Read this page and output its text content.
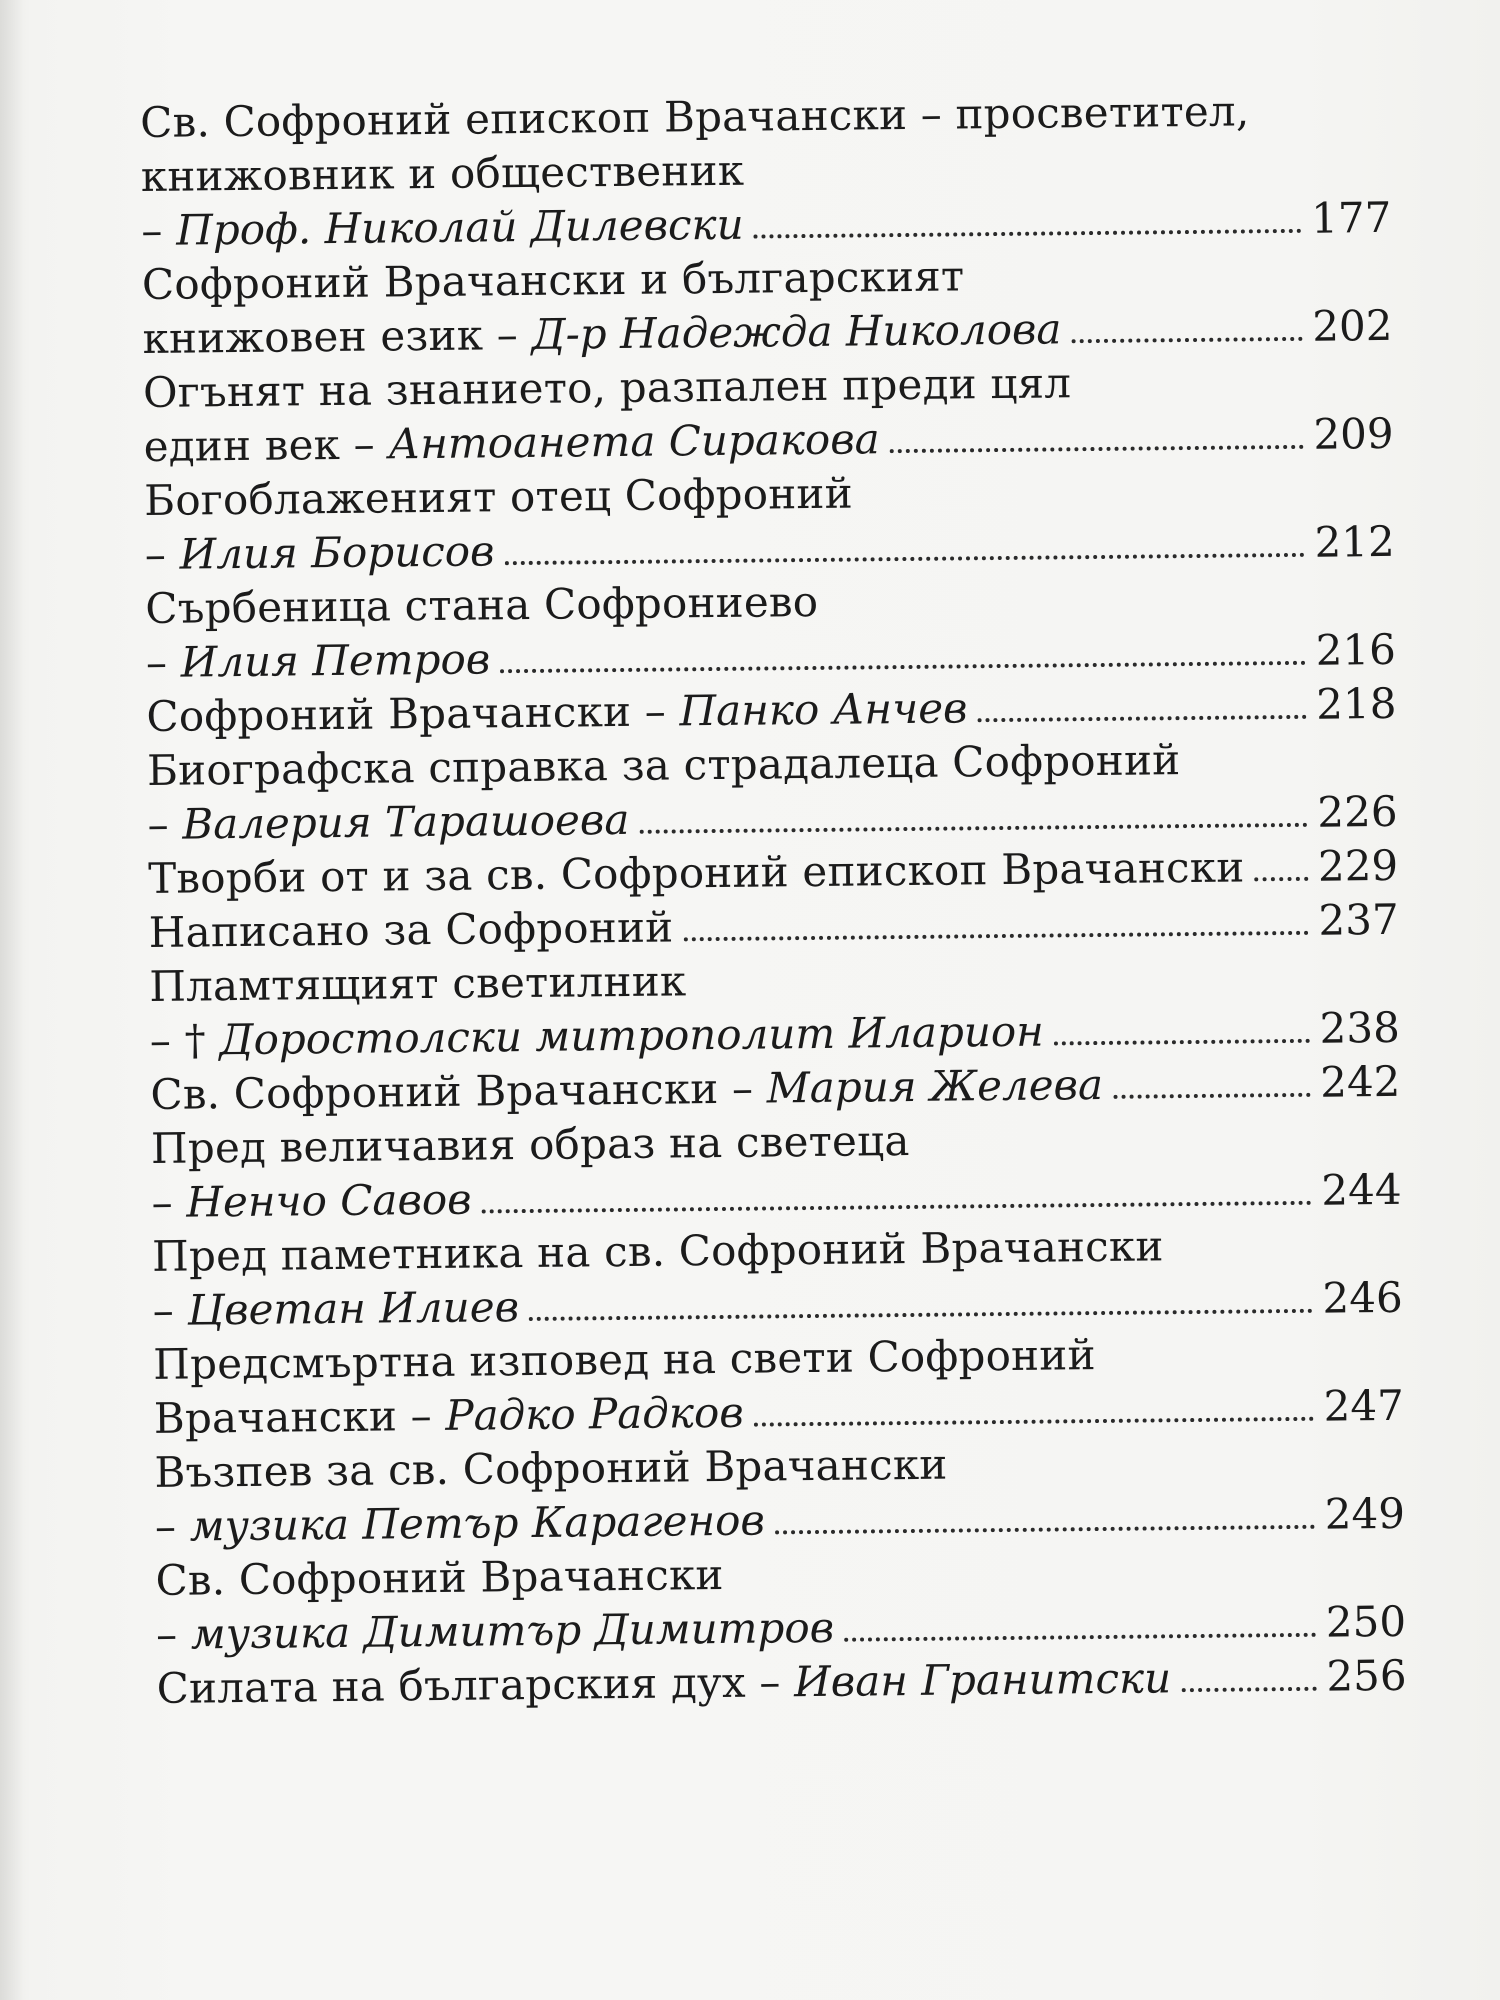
Св. Софроний епископ Врачански – просветител,
книжовник и общественик
– Проф. Николай Дилевски	177
Софроний Врачански и българският
книжовен език – Д-р Надежда Николова	202
Огънят на знанието, разпален преди цял
един век – Антоанета Сиракова	209
Богоблаженият отец Софроний
– Илия Борисов	212
Сърбеница стана Софрониево
– Илия Петров	216
Софроний Врачански – Панко Анчев	218
Биографска справка за страдалеца Софроний
– Валерия Тарашоева	226
Творби от и за св. Софроний епископ Врачански 229
Написано за Софроний	237
Пламтящият светилник
– † Доростолски митрополит Иларион	238
Св. Софроний Врачански – Мария Желева	242
Пред величавия образ на светеца
– Ненчо Савов	244
Пред паметника на св. Софроний Врачански
– Цветан Илиев	246
Предсмъртна изповед на свети Софроний
Врачански – Радко Радков	247
Възпев за св. Софроний Врачански
– музика Петър Карагенов	249
Св. Софроний Врачански
– музика Димитър Димитров	250
Силата на българския дух – Иван Гранитски	256
